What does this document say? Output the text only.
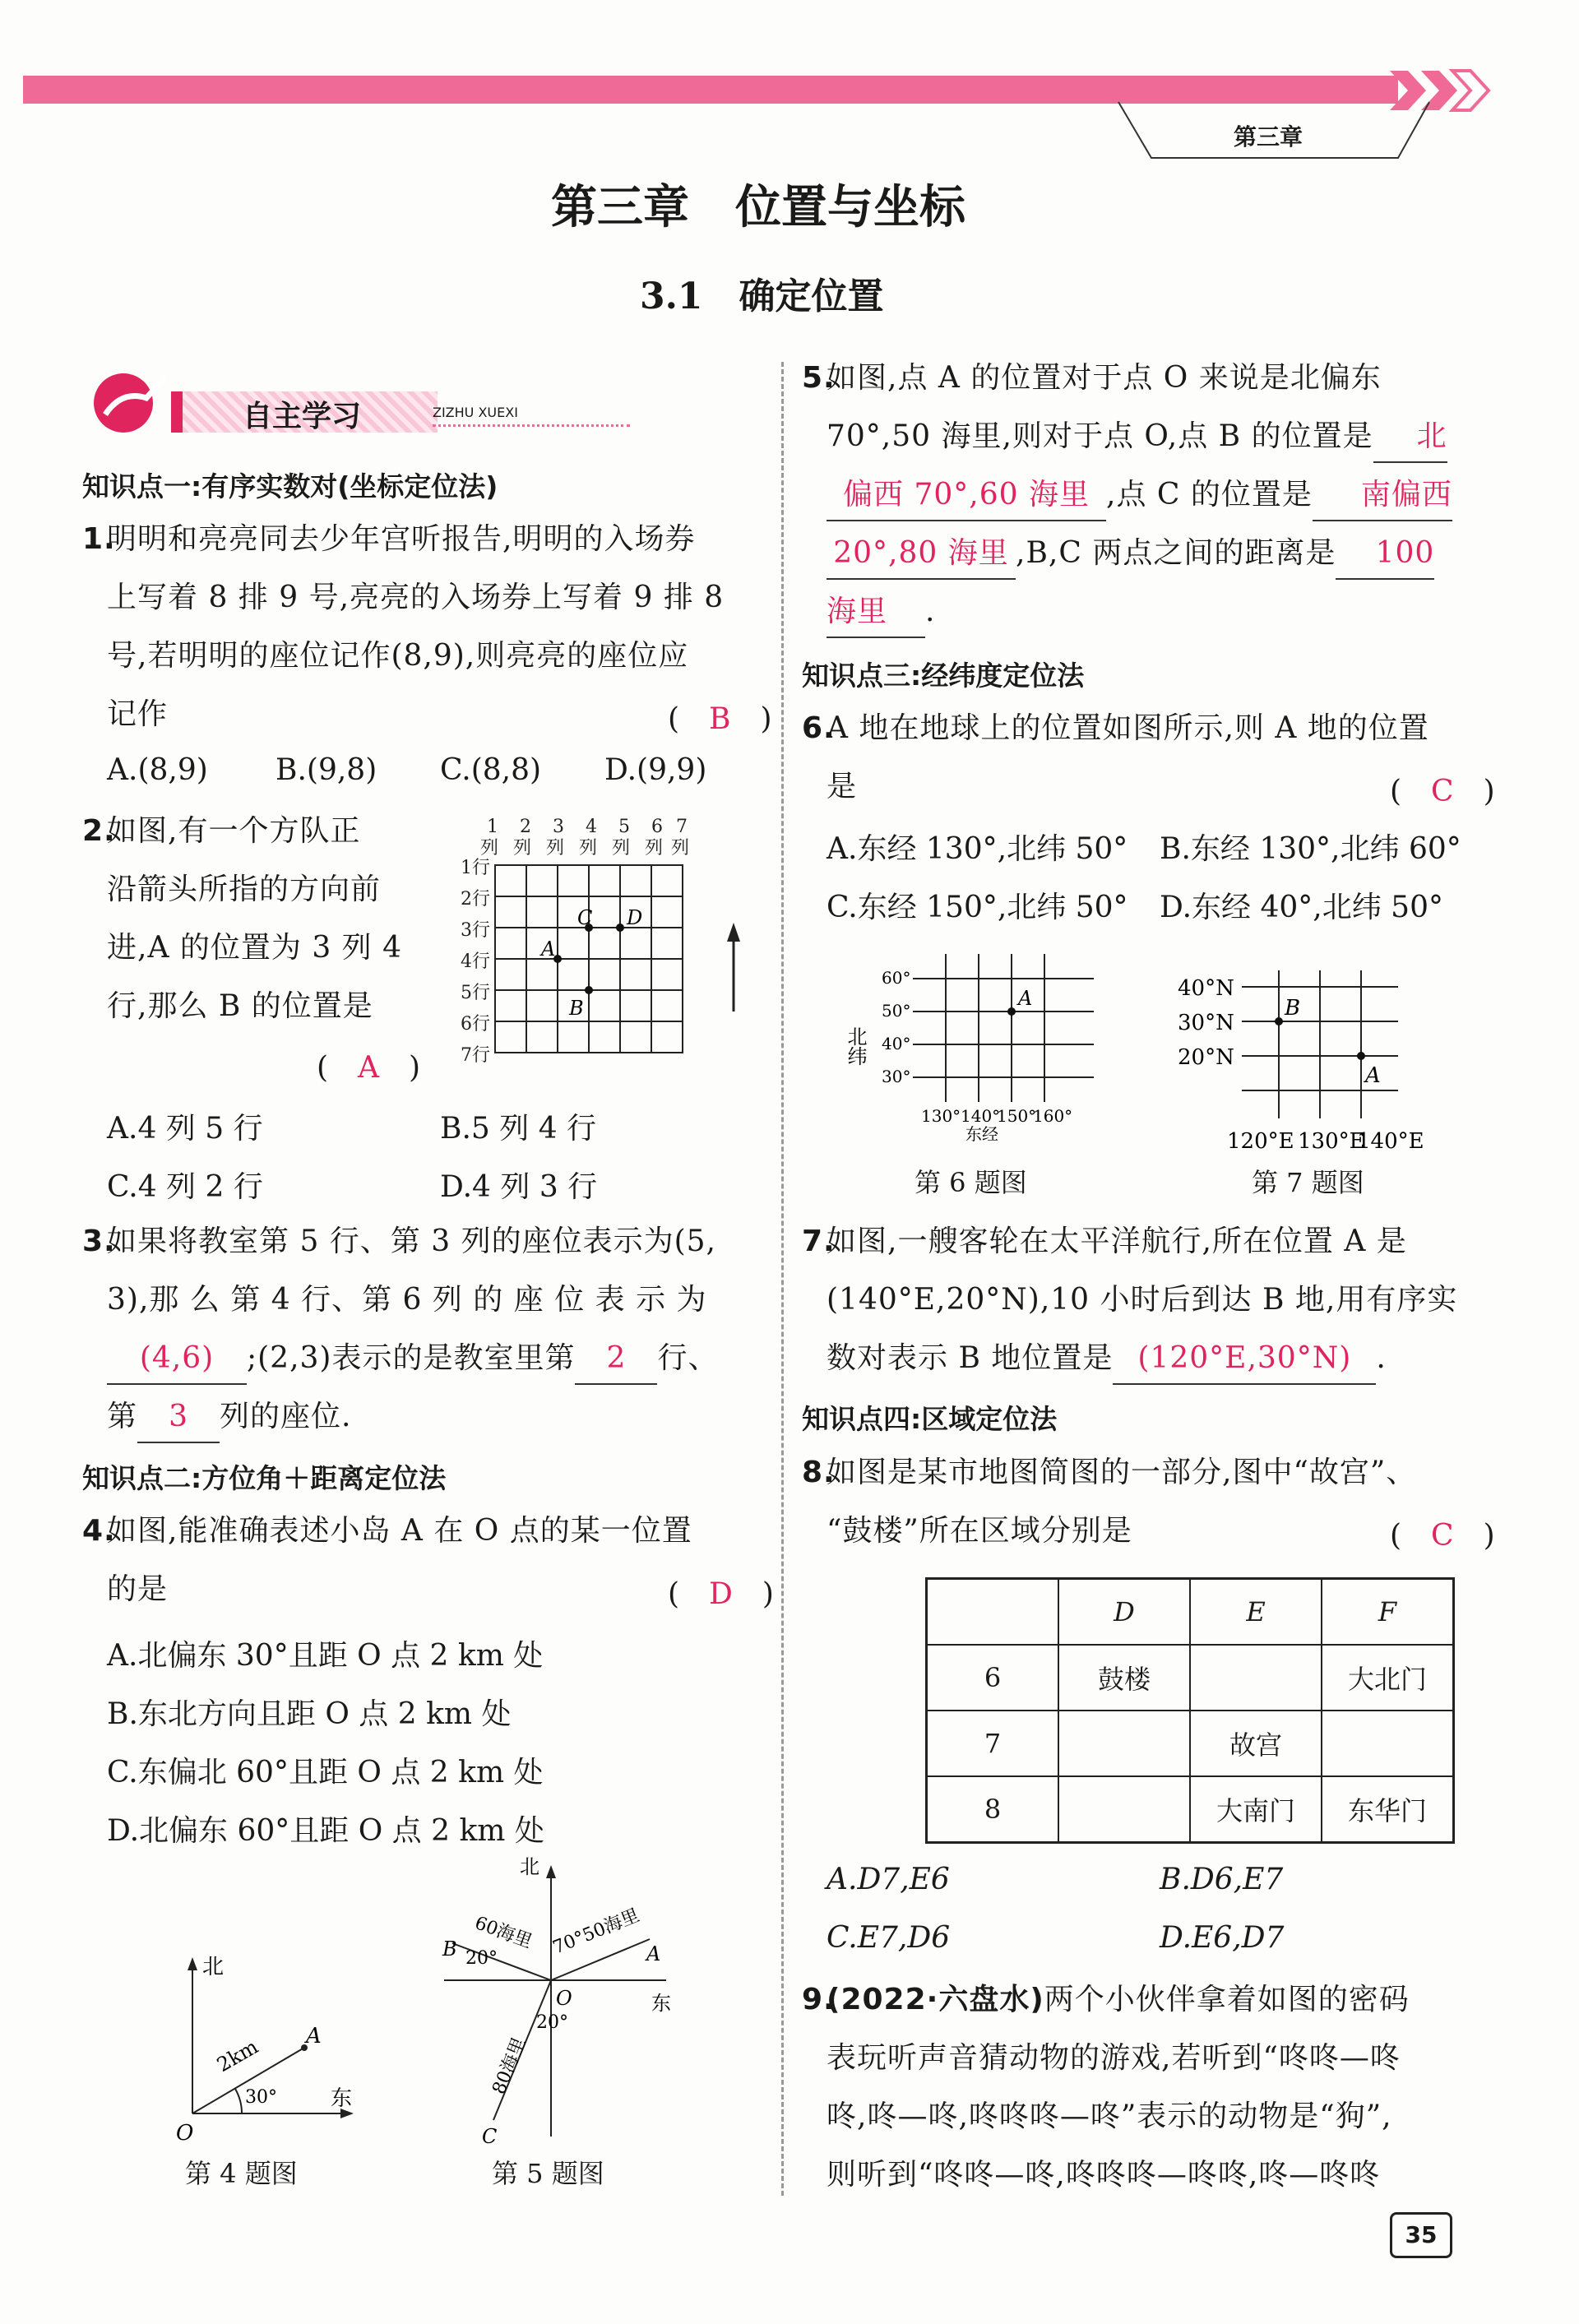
第三章
第三章　位置与坐标
3.1　确定位置
自主学习	ZIZHU XUEXI
知识点一:有序实数对(坐标定位法)
1.
明明和亮亮同去少年宫听报告,明明的入场券
上写着 8 排 9 号,亮亮的入场券上写着 9 排 8
号,若明明的座位记作(8,9),则亮亮的座位应
记作	(　B　)
A.(8,9) B.(9,8) C.(8,8) D.(9,9)
2.
如图,有一个方队正
沿箭头所指的方向前
进,A 的位置为 3 列 4
行,那么 B 的位置是
(　A　)
1 2 3 4 5 6 7
列 列 列 列 列 列 列
1行
2行
3行
4行
5行
6行
7行
A
B
C D
A.4 列 5 行	B.5 列 4 行
C.4 列 2 行	D.4 列 3 行
3.
如果将教室第 5 行、第 3 列的座位表示为(5,
3),那 么 第 4 行、第 6 列 的 座 位 表 示 为
(4,6) ;(2,3)表示的是教室里第 2 行、
第 3 列的座位.
知识点二:方位角＋距离定位法
4.
如图,能准确表述小岛 A 在 O 点的某一位置
的是	(　D　)
A.北偏东 30°且距 O 点 2 km 处
B.东北方向且距 O 点 2 km 处
C.东偏北 60°且距 O 点 2 km 处
D.北偏东 60°且距 O 点 2 km 处
北
东
O
A
30°
2km
第 4 题图
北
东
O
A
B
C
20°
20°
60海里 70°50海里
80海里
第 5 题图
5.
如图,点 A 的位置对于点 O 来说是北偏东
70°,50 海里,则对于点 O,点 B 的位置是 北
偏西 70°,60 海里 ,点 C 的位置是 南偏西
20°,80 海里 ,B,C 两点之间的距离是 100
海里 .
知识点三:经纬度定位法
6.
A 地在地球上的位置如图所示,则 A 地的位置
是	(　C　)
A.东经 130°,北纬 50° B.东经 130°,北纬 60°
C.东经 150°,北纬 50° D.东经 40°,北纬 50°
60°
50°
40°
30°
130° 140°
150°
160°
东经
A
北纬
第 6 题图
40°N
30°N
20°N
120°E 130°E
140°E
B
A
第 7 题图
7.
如图,一艘客轮在太平洋航行,所在位置 A 是
(140°E,20°N),10 小时后到达 B 地,用有序实
数对表示 B 地位置是 (120°E,30°N) .
知识点四:区域定位法
8.
如图是某市地图简图的一部分,图中“故宫”、
“鼓楼”所在区域分别是	(　C　)
	D	E	F
6	鼓楼		大北门
7		故宫	
8		大南门	东华门
A.D7,E6	B.D6,E7
C.E7,D6	D.E6,D7
9.
(2022·六盘水)两个小伙伴拿着如图的密码
表玩听声音猜动物的游戏,若听到“咚咚—咚
咚,咚—咚,咚咚咚—咚”表示的动物是“狗”,
则听到“咚咚—咚,咚咚咚—咚咚,咚—咚咚
35
